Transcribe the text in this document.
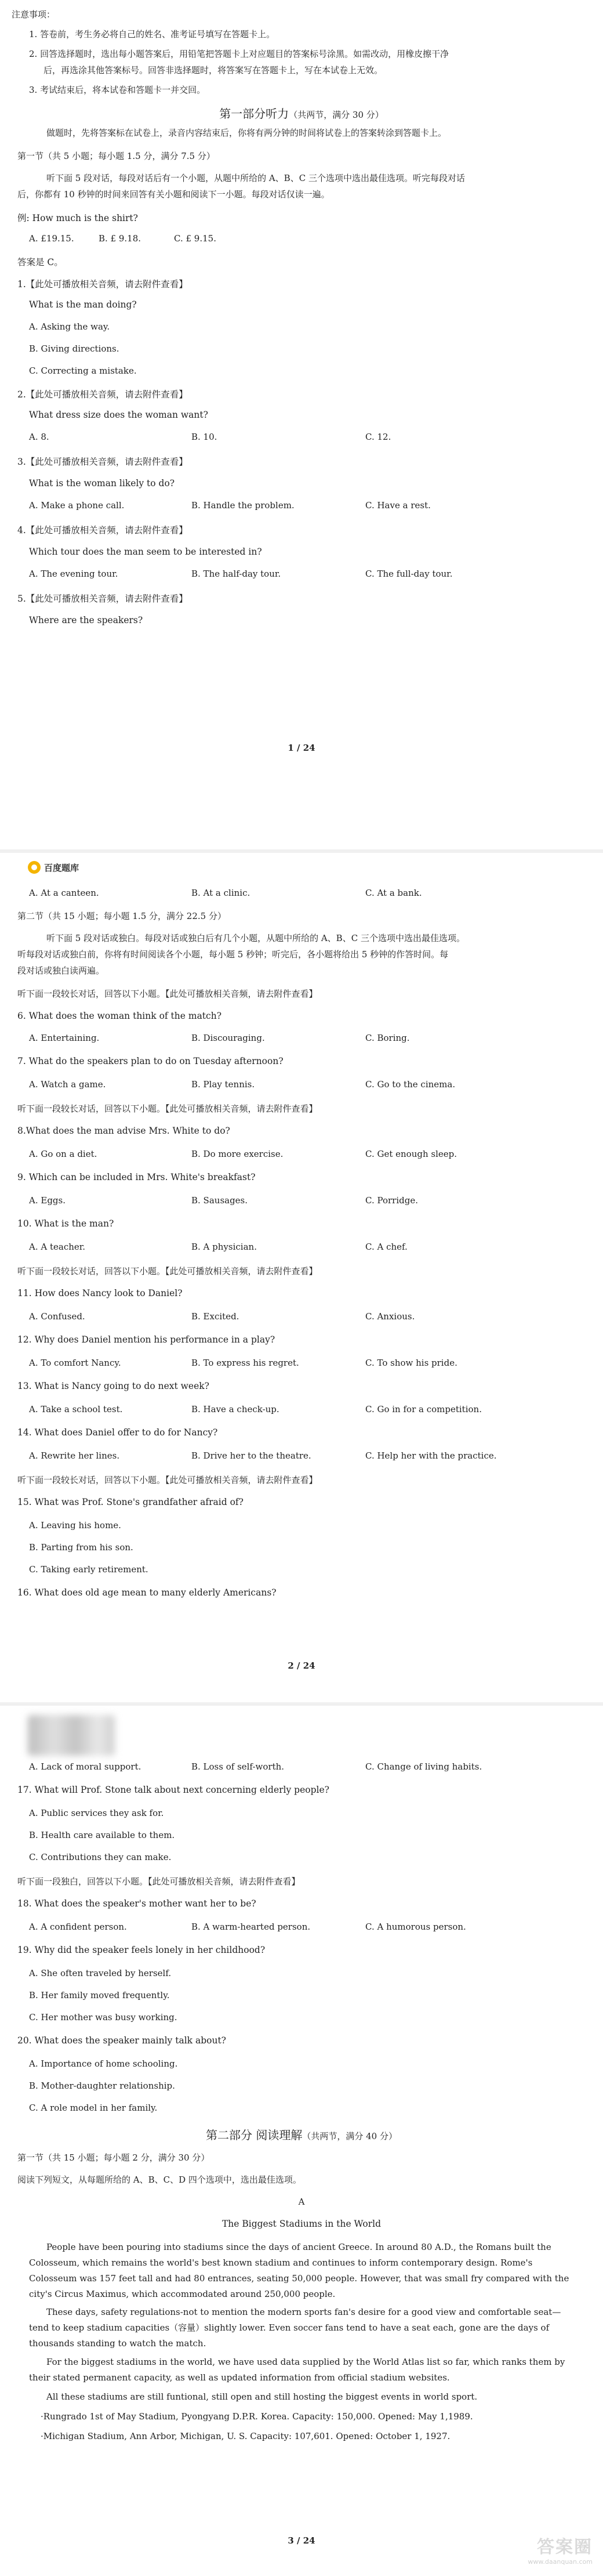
注意事项：
1. 答卷前，考生务必将自己的姓名、准考证号填写在答题卡上。
2. 回答选择题时，选出每小题答案后，用铅笔把答题卡上对应题目的答案标号涂黑。如需改动，用橡皮擦干净
后，再选涂其他答案标号。回答非选择题时，将答案写在答题卡上，写在本试卷上无效。
3. 考试结束后，将本试卷和答题卡一并交回。
第一部分听力（共两节，满分 30 分）
做题时，先将答案标在试卷上，录音内容结束后，你将有两分钟的时间将试卷上的答案转涂到答题卡上。
第一节（共 5 小题；每小题 1.5 分，满分 7.5 分）
听下面 5 段对话，每段对话后有一个小题，从题中所给的 A、B、C 三个选项中选出最佳选项。听完每段对话
后，你都有 10 秒钟的时间来回答有关小题和阅读下一小题。每段对话仅读一遍。
例: How much is the shirt?
A. £19.15.	B. £ 9.18.	C. £ 9.15.
答案是 C。
1.【此处可播放相关音频，请去附件查看】
What is the man doing?
A. Asking the way.
B. Giving directions.
C. Correcting a mistake.
2.【此处可播放相关音频，请去附件查看】
What dress size does the woman want?
A. 8.	B. 10.	C. 12.
3.【此处可播放相关音频，请去附件查看】
What is the woman likely to do?
A. Make a phone call.	B. Handle the problem.	C. Have a rest.
4.【此处可播放相关音频，请去附件查看】
Which tour does the man seem to be interested in?
A. The evening tour.	B. The half-day tour.	C. The full-day tour.
5.【此处可播放相关音频，请去附件查看】
Where are the speakers?
1 / 24
百度题库
A. At a canteen.	B. At a clinic.	C. At a bank.
第二节（共 15 小题；每小题 1.5 分，满分 22.5 分）
听下面 5 段对话或独白。每段对话或独白后有几个小题，从题中所给的 A、B、C 三个选项中选出最佳选项。
听每段对话或独白前，你将有时间阅读各个小题，每小题 5 秒钟；听完后，各小题将给出 5 秒钟的作答时间。每
段对话或独白读两遍。
听下面一段较长对话，回答以下小题。【此处可播放相关音频，请去附件查看】
6. What does the woman think of the match?
A. Entertaining.	B. Discouraging.	C. Boring.
7. What do the speakers plan to do on Tuesday afternoon?
A. Watch a game.	B. Play tennis.	C. Go to the cinema.
听下面一段较长对话，回答以下小题。【此处可播放相关音频，请去附件查看】
8.What does the man advise Mrs. White to do?
A. Go on a diet.	B. Do more exercise.	C. Get enough sleep.
9. Which can be included in Mrs. White's breakfast?
A. Eggs.	B. Sausages.	C. Porridge.
10. What is the man?
A. A teacher.	B. A physician.	C. A chef.
听下面一段较长对话，回答以下小题。【此处可播放相关音频，请去附件查看】
11. How does Nancy look to Daniel?
A. Confused.	B. Excited.	C. Anxious.
12. Why does Daniel mention his performance in a play?
A. To comfort Nancy.	B. To express his regret.	C. To show his pride.
13. What is Nancy going to do next week?
A. Take a school test.	B. Have a check-up.	C. Go in for a competition.
14. What does Daniel offer to do for Nancy?
A. Rewrite her lines.	B. Drive her to the theatre.	C. Help her with the practice.
听下面一段较长对话，回答以下小题。【此处可播放相关音频，请去附件查看】
15. What was Prof. Stone's grandfather afraid of?
A. Leaving his home.
B. Parting from his son.
C. Taking early retirement.
16. What does old age mean to many elderly Americans?
2 / 24
A. Lack of moral support.	B. Loss of self-worth.	C. Change of living habits.
17. What will Prof. Stone talk about next concerning elderly people?
A. Public services they ask for.
B. Health care available to them.
C. Contributions they can make.
听下面一段独白，回答以下小题。【此处可播放相关音频，请去附件查看】
18. What does the speaker's mother want her to be?
A. A confident person.	B. A warm-hearted person.	C. A humorous person.
19. Why did the speaker feels lonely in her childhood?
A. She often traveled by herself.
B. Her family moved frequently.
C. Her mother was busy working.
20. What does the speaker mainly talk about?
A. Importance of home schooling.
B. Mother-daughter relationship.
C. A role model in her family.
第二部分 阅读理解（共两节，满分 40 分）
第一节（共 15 小题；每小题 2 分，满分 30 分）
阅读下列短文，从每题所给的 A、B、C、D 四个选项中，选出最佳选项。
A
The Biggest Stadiums in the World
People have been pouring into stadiums since the days of ancient Greece. In around 80 A.D., the Romans built the Colosseum, which remains the world's best known stadium and continues to inform contemporary design. Rome's Colosseum was 157 feet tall and had 80 entrances, seating 50,000 people. However, that was small fry compared with the city's Circus Maximus, which accommodated around 250,000 people.
These days, safety regulations-not to mention the modern sports fan's desire for a good view and comfortable seat—tend to keep stadium capacities（容量）slightly lower. Even soccer fans tend to have a seat each, gone are the days of thousands standing to watch the match.
For the biggest stadiums in the world, we have used data supplied by the World Atlas list so far, which ranks them by their stated permanent capacity, as well as updated information from official stadium websites.
All these stadiums are still funtional, still open and still hosting the biggest events in world sport.
·Rungrado 1st of May Stadium, Pyongyang D.P.R. Korea. Capacity: 150,000. Opened: May 1,1989.
·Michigan Stadium, Ann Arbor, Michigan, U. S. Capacity: 107,601. Opened: October 1, 1927.
3 / 24	答案圈
www.daanquan.com
